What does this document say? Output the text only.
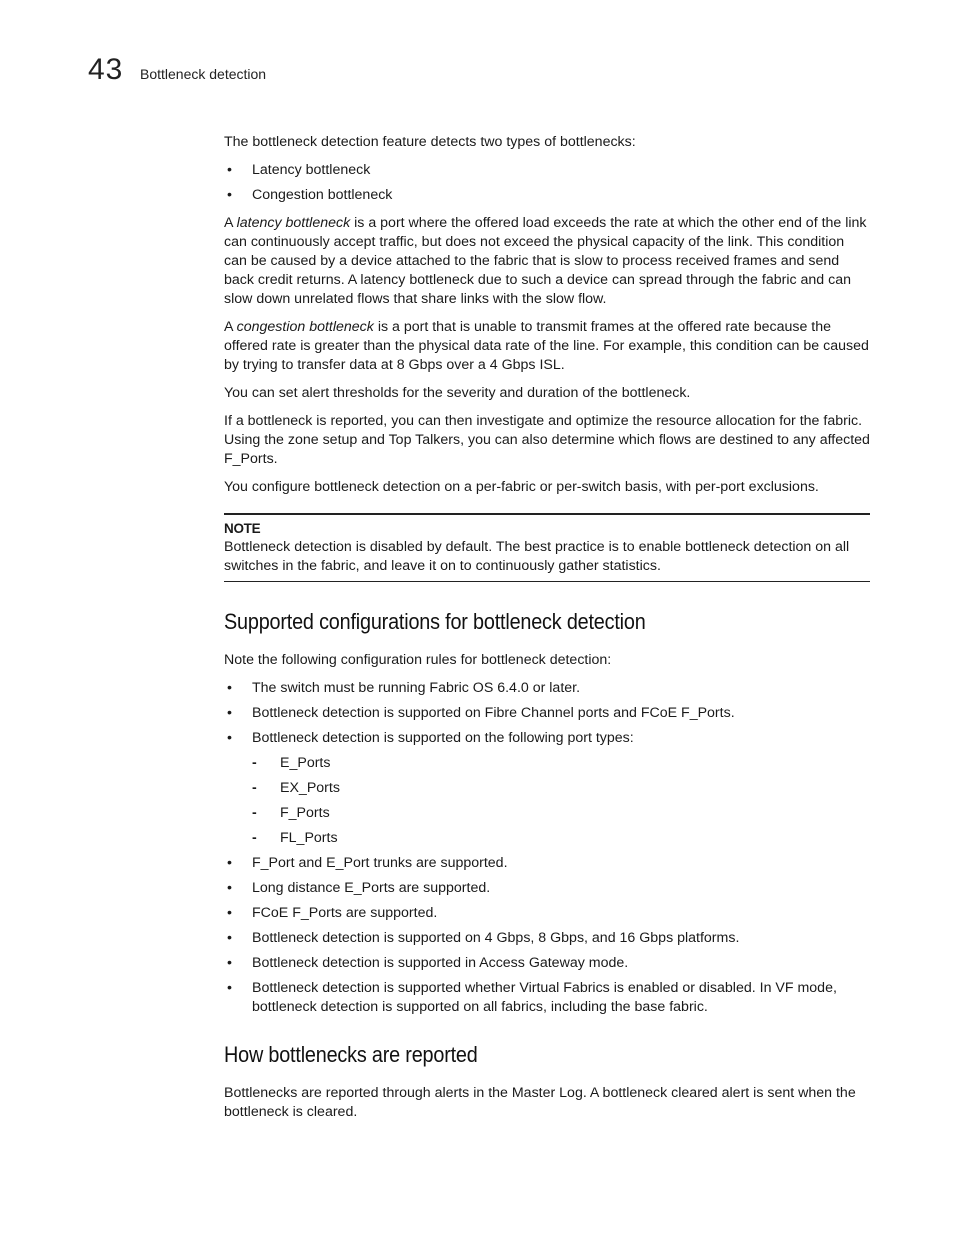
43 Bottleneck detection

The bottleneck detection feature detects two types of bottlenecks:

• Latency bottleneck
• Congestion bottleneck

A latency bottleneck is a port where the offered load exceeds the rate at which the other end of the link can continuously accept traffic, but does not exceed the physical capacity of the link. This condition can be caused by a device attached to the fabric that is slow to process received frames and send back credit returns. A latency bottleneck due to such a device can spread through the fabric and can slow down unrelated flows that share links with the slow flow.

A congestion bottleneck is a port that is unable to transmit frames at the offered rate because the offered rate is greater than the physical data rate of the line. For example, this condition can be caused by trying to transfer data at 8 Gbps over a 4 Gbps ISL.

You can set alert thresholds for the severity and duration of the bottleneck.

If a bottleneck is reported, you can then investigate and optimize the resource allocation for the fabric. Using the zone setup and Top Talkers, you can also determine which flows are destined to any affected F_Ports.

You configure bottleneck detection on a per-fabric or per-switch basis, with per-port exclusions.

NOTE
Bottleneck detection is disabled by default. The best practice is to enable bottleneck detection on all switches in the fabric, and leave it on to continuously gather statistics.
Supported configurations for bottleneck detection

Note the following configuration rules for bottleneck detection:

• The switch must be running Fabric OS 6.4.0 or later.
• Bottleneck detection is supported on Fibre Channel ports and FCoE F_Ports.
• Bottleneck detection is supported on the following port types:
- E_Ports
- EX_Ports
- F_Ports
- FL_Ports
• F_Port and E_Port trunks are supported.
• Long distance E_Ports are supported.
• FCoE F_Ports are supported.
• Bottleneck detection is supported on 4 Gbps, 8 Gbps, and 16 Gbps platforms.
• Bottleneck detection is supported in Access Gateway mode.
• Bottleneck detection is supported whether Virtual Fabrics is enabled or disabled. In VF mode, bottleneck detection is supported on all fabrics, including the base fabric.
How bottlenecks are reported

Bottlenecks are reported through alerts in the Master Log. A bottleneck cleared alert is sent when the bottleneck is cleared.
